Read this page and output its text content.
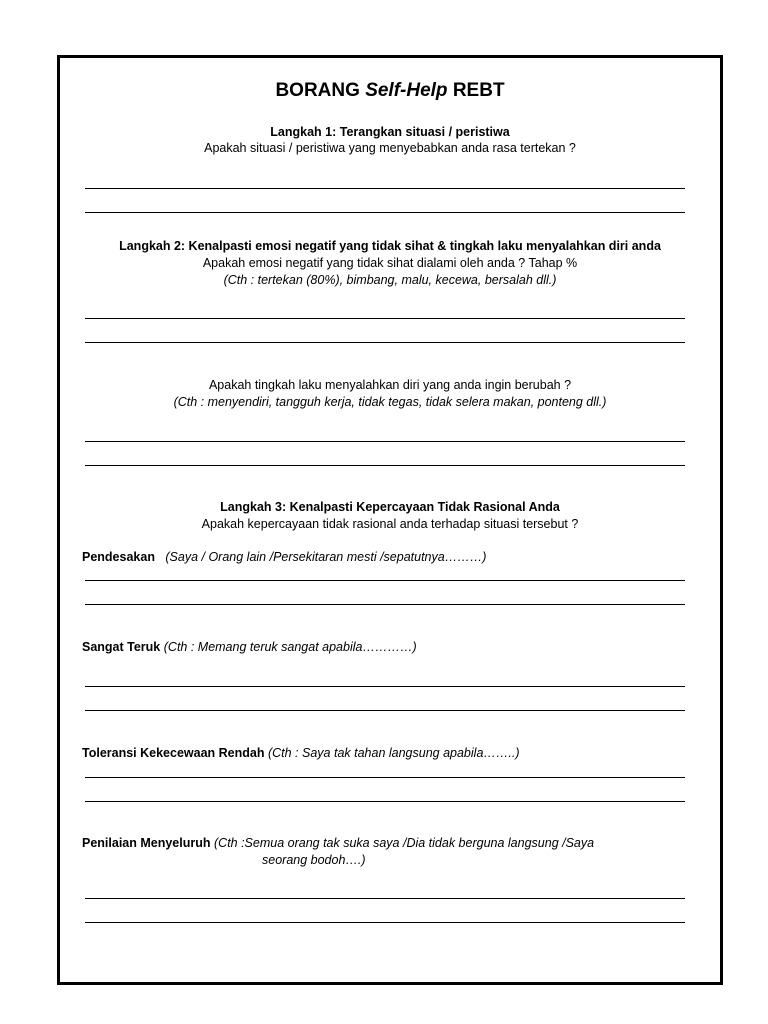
BORANG Self-Help REBT
Langkah 1: Terangkan situasi / peristiwa
Apakah situasi / peristiwa yang menyebabkan anda rasa tertekan ?
Langkah 2: Kenalpasti emosi negatif yang tidak sihat & tingkah laku menyalahkan diri anda
Apakah emosi negatif yang tidak sihat dialami oleh anda ? Tahap %
(Cth : tertekan (80%), bimbang, malu, kecewa, bersalah dll.)
Apakah tingkah laku menyalahkan diri yang anda ingin berubah ?
(Cth : menyendiri, tangguh kerja, tidak tegas, tidak selera makan, ponteng dll.)
Langkah 3: Kenalpasti Kepercayaan Tidak Rasional Anda
Apakah kepercayaan tidak rasional anda terhadap situasi tersebut ?
Pendesakan (Saya / Orang lain /Persekitaran mesti /sepatutnya………)
Sangat Teruk (Cth : Memang teruk sangat apabila…………)
Toleransi Kekecewaan Rendah (Cth : Saya tak tahan langsung apabila……..)
Penilaian Menyeluruh (Cth :Semua orang tak suka saya /Dia tidak berguna langsung /Saya
seorang bodoh….)
